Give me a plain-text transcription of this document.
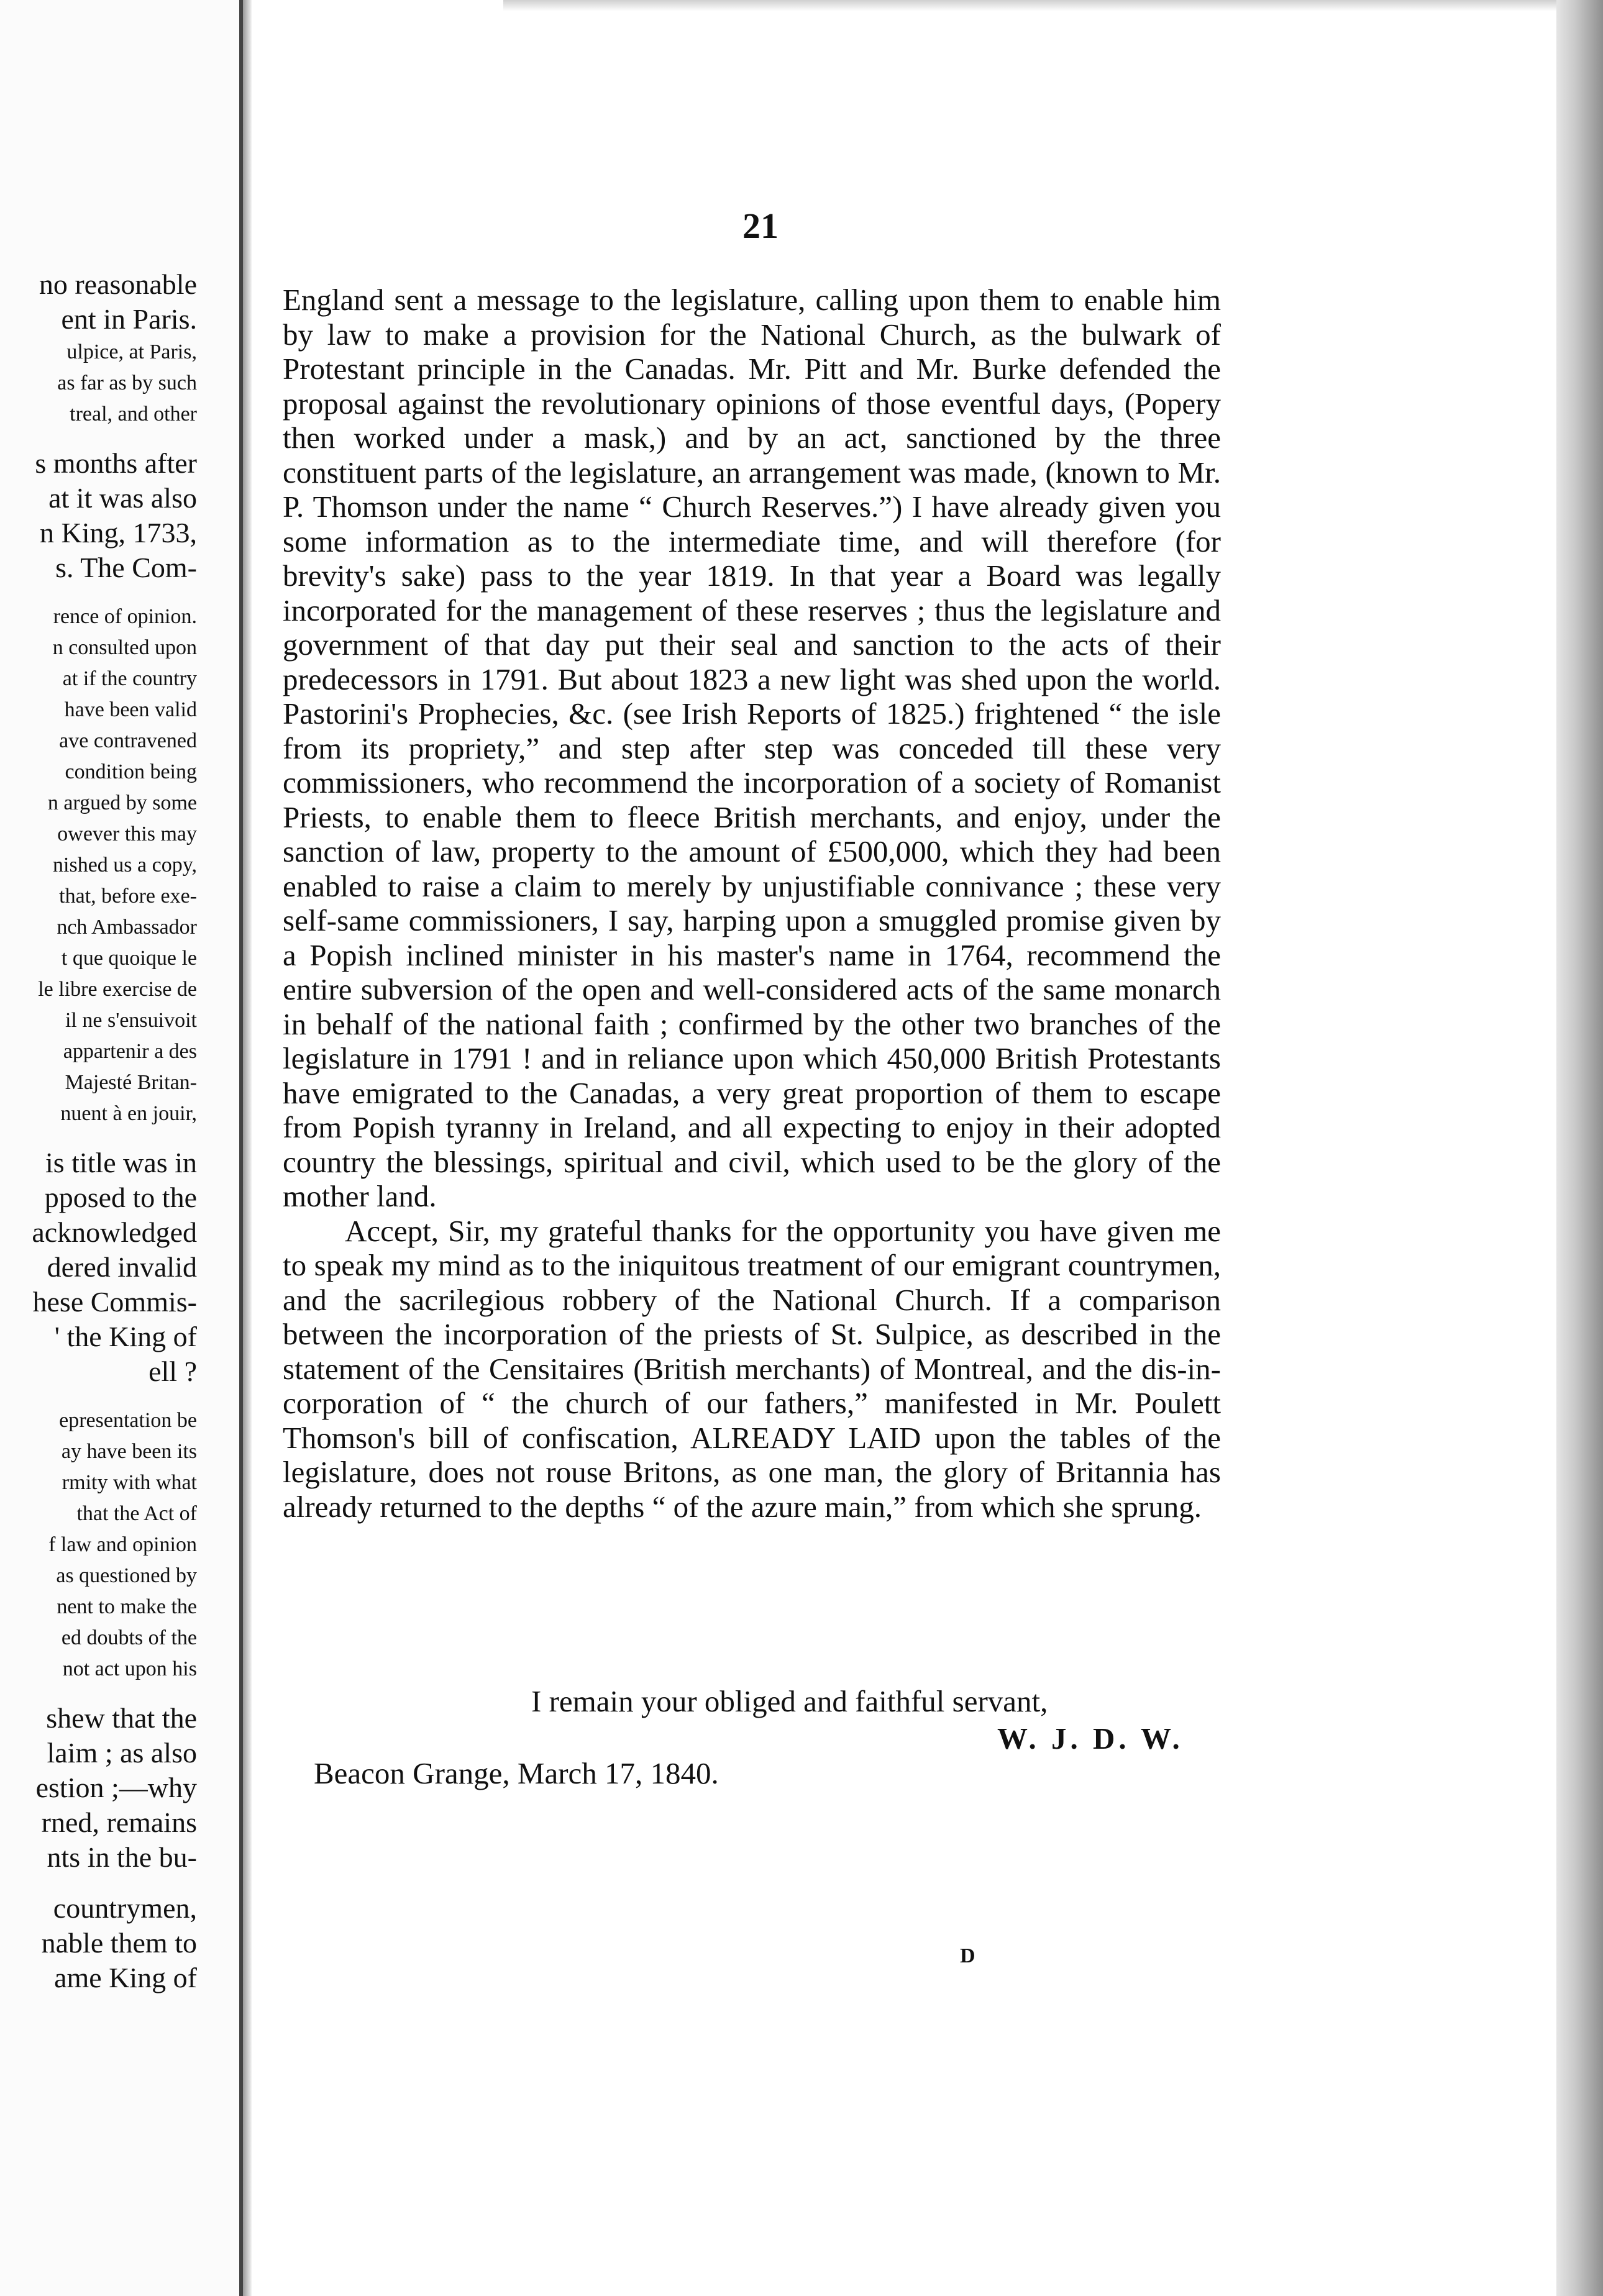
no reasonable
ent in Paris.
ulpice, at Paris,
as far as by such
treal, and other
s months after
at it was also
n King, 1733,
s. The Com-
rence of opinion.
n consulted upon
at if the country
have been valid
ave contravened
condition being
n argued by some
owever this may
nished us a copy,
that, before exe-
nch Ambassador
t que quoique le
le libre exercise de
il ne s'ensuivoit
appartenir a des
Majesté Britan-
nuent à en jouir,
is title was in
pposed to the
acknowledged
dered invalid
hese Commis-
' the King of
ell ?
epresentation be
ay have been its
rmity with what
that the Act of
f law and opinion
as questioned by
nent to make the
ed doubts of the
not act upon his
shew that the
laim ; as also
estion ;—why
rned, remains
nts in the bu-
countrymen,
nable them to
ame King of
21

England sent a message to the legislature, calling upon them to enable him by law to make a provision for the National Church, as the bulwark of Protestant principle in the Canadas. Mr. Pitt and Mr. Burke defended the proposal against the revolutionary opinions of those eventful days, (Popery then worked under a mask,) and by an act, sanctioned by the three constituent parts of the legislature, an arrangement was made, (known to Mr. P. Thomson under the name “ Church Reserves.”) I have already given you some information as to the intermediate time, and will therefore (for brevity's sake) pass to the year 1819. In that year a Board was legally incorporated for the management of these reserves ; thus the legislature and government of that day put their seal and sanction to the acts of their predecessors in 1791. But about 1823 a new light was shed upon the world. Pastorini's Prophecies, &c. (see Irish Reports of 1825.) frightened “ the isle from its propriety,” and step after step was conceded till these very commissioners, who recommend the incorporation of a society of Romanist Priests, to enable them to fleece British merchants, and enjoy, under the sanction of law, property to the amount of £500,000, which they had been enabled to raise a claim to merely by unjustifiable connivance ; these very self-same commissioners, I say, harping upon a smuggled promise given by a Popish inclined minister in his master's name in 1764, recommend the entire subversion of the open and well-considered acts of the same monarch in behalf of the national faith ; confirmed by the other two branches of the legislature in 1791 ! and in reliance upon which 450,000 British Protestants have emigrated to the Canadas, a very great proportion of them to escape from Popish tyranny in Ireland, and all expecting to enjoy in their adopted country the blessings, spiritual and civil, which used to be the glory of the mother land.

Accept, Sir, my grateful thanks for the opportunity you have given me to speak my mind as to the iniquitous treatment of our emigrant countrymen, and the sacrilegious robbery of the National Church. If a comparison between the incorporation of the priests of St. Sulpice, as described in the statement of the Censitaires (British merchants) of Montreal, and the dis-in-corporation of “ the church of our fathers,” manifested in Mr. Poulett Thomson's bill of confiscation, ALREADY LAID upon the tables of the legislature, does not rouse Britons, as one man, the glory of Britannia has already returned to the depths “ of the azure main,” from which she sprung.

I remain your obliged and faithful servant,
W. J. D. W.
Beacon Grange, March 17, 1840.
D
